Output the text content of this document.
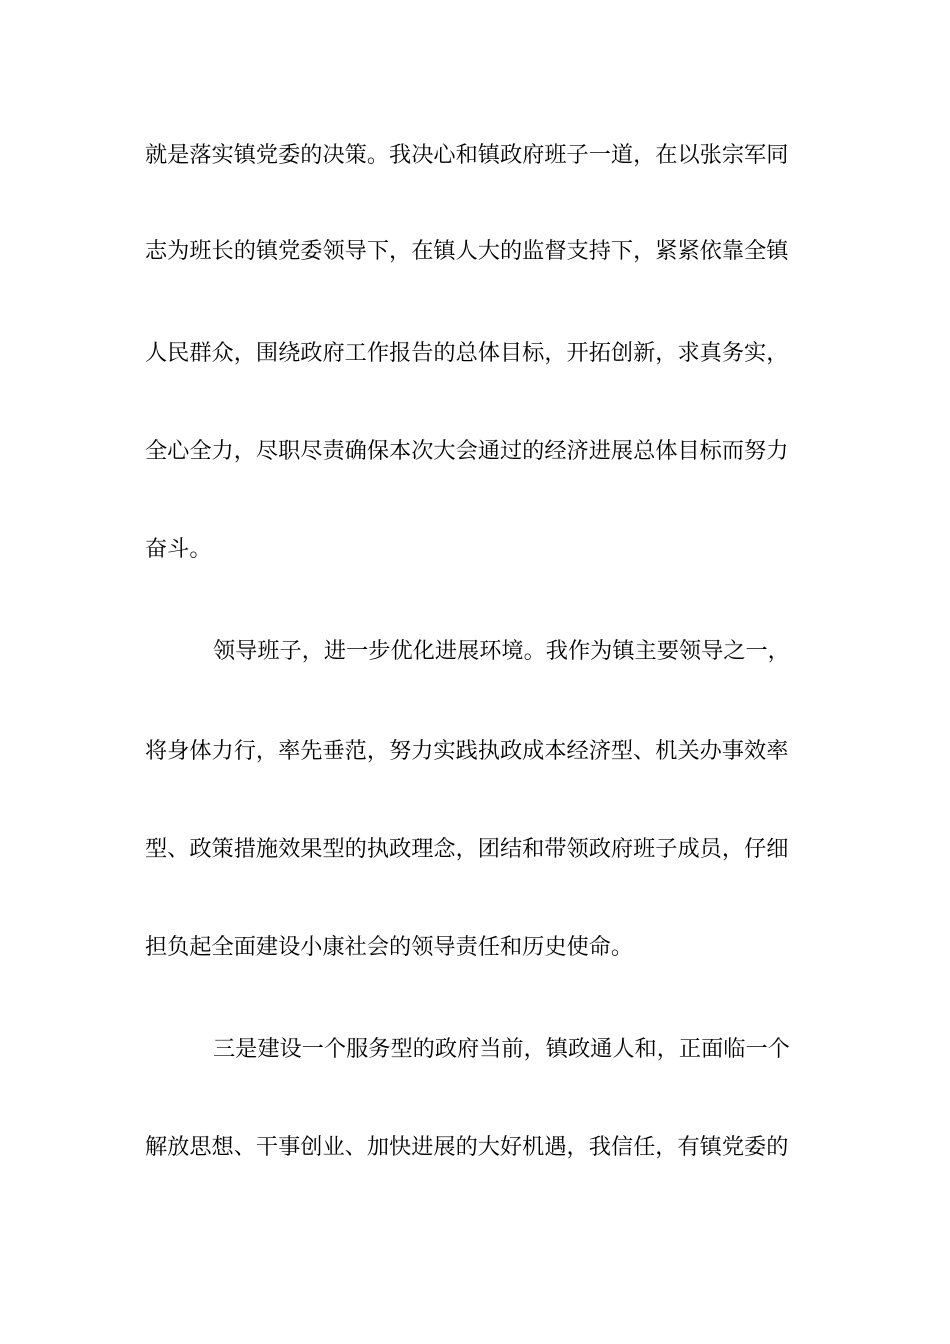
就是落实镇党委的决策。我决心和镇政府班子一道，在以张宗军同
志为班长的镇党委领导下，在镇人大的监督支持下，紧紧依靠全镇
人民群众，围绕政府工作报告的总体目标，开拓创新，求真务实，
全心全力，尽职尽责确保本次大会通过的经济进展总体目标而努力
奋斗。
领导班子，进一步优化进展环境。我作为镇主要领导之一，
将身体力行，率先垂范，努力实践执政成本经济型、机关办事效率
型、政策措施效果型的执政理念，团结和带领政府班子成员，仔细
担负起全面建设小康社会的领导责任和历史使命。
三是建设一个服务型的政府当前，镇政通人和，正面临一个
解放思想、干事创业、加快进展的大好机遇，我信任，有镇党委的
